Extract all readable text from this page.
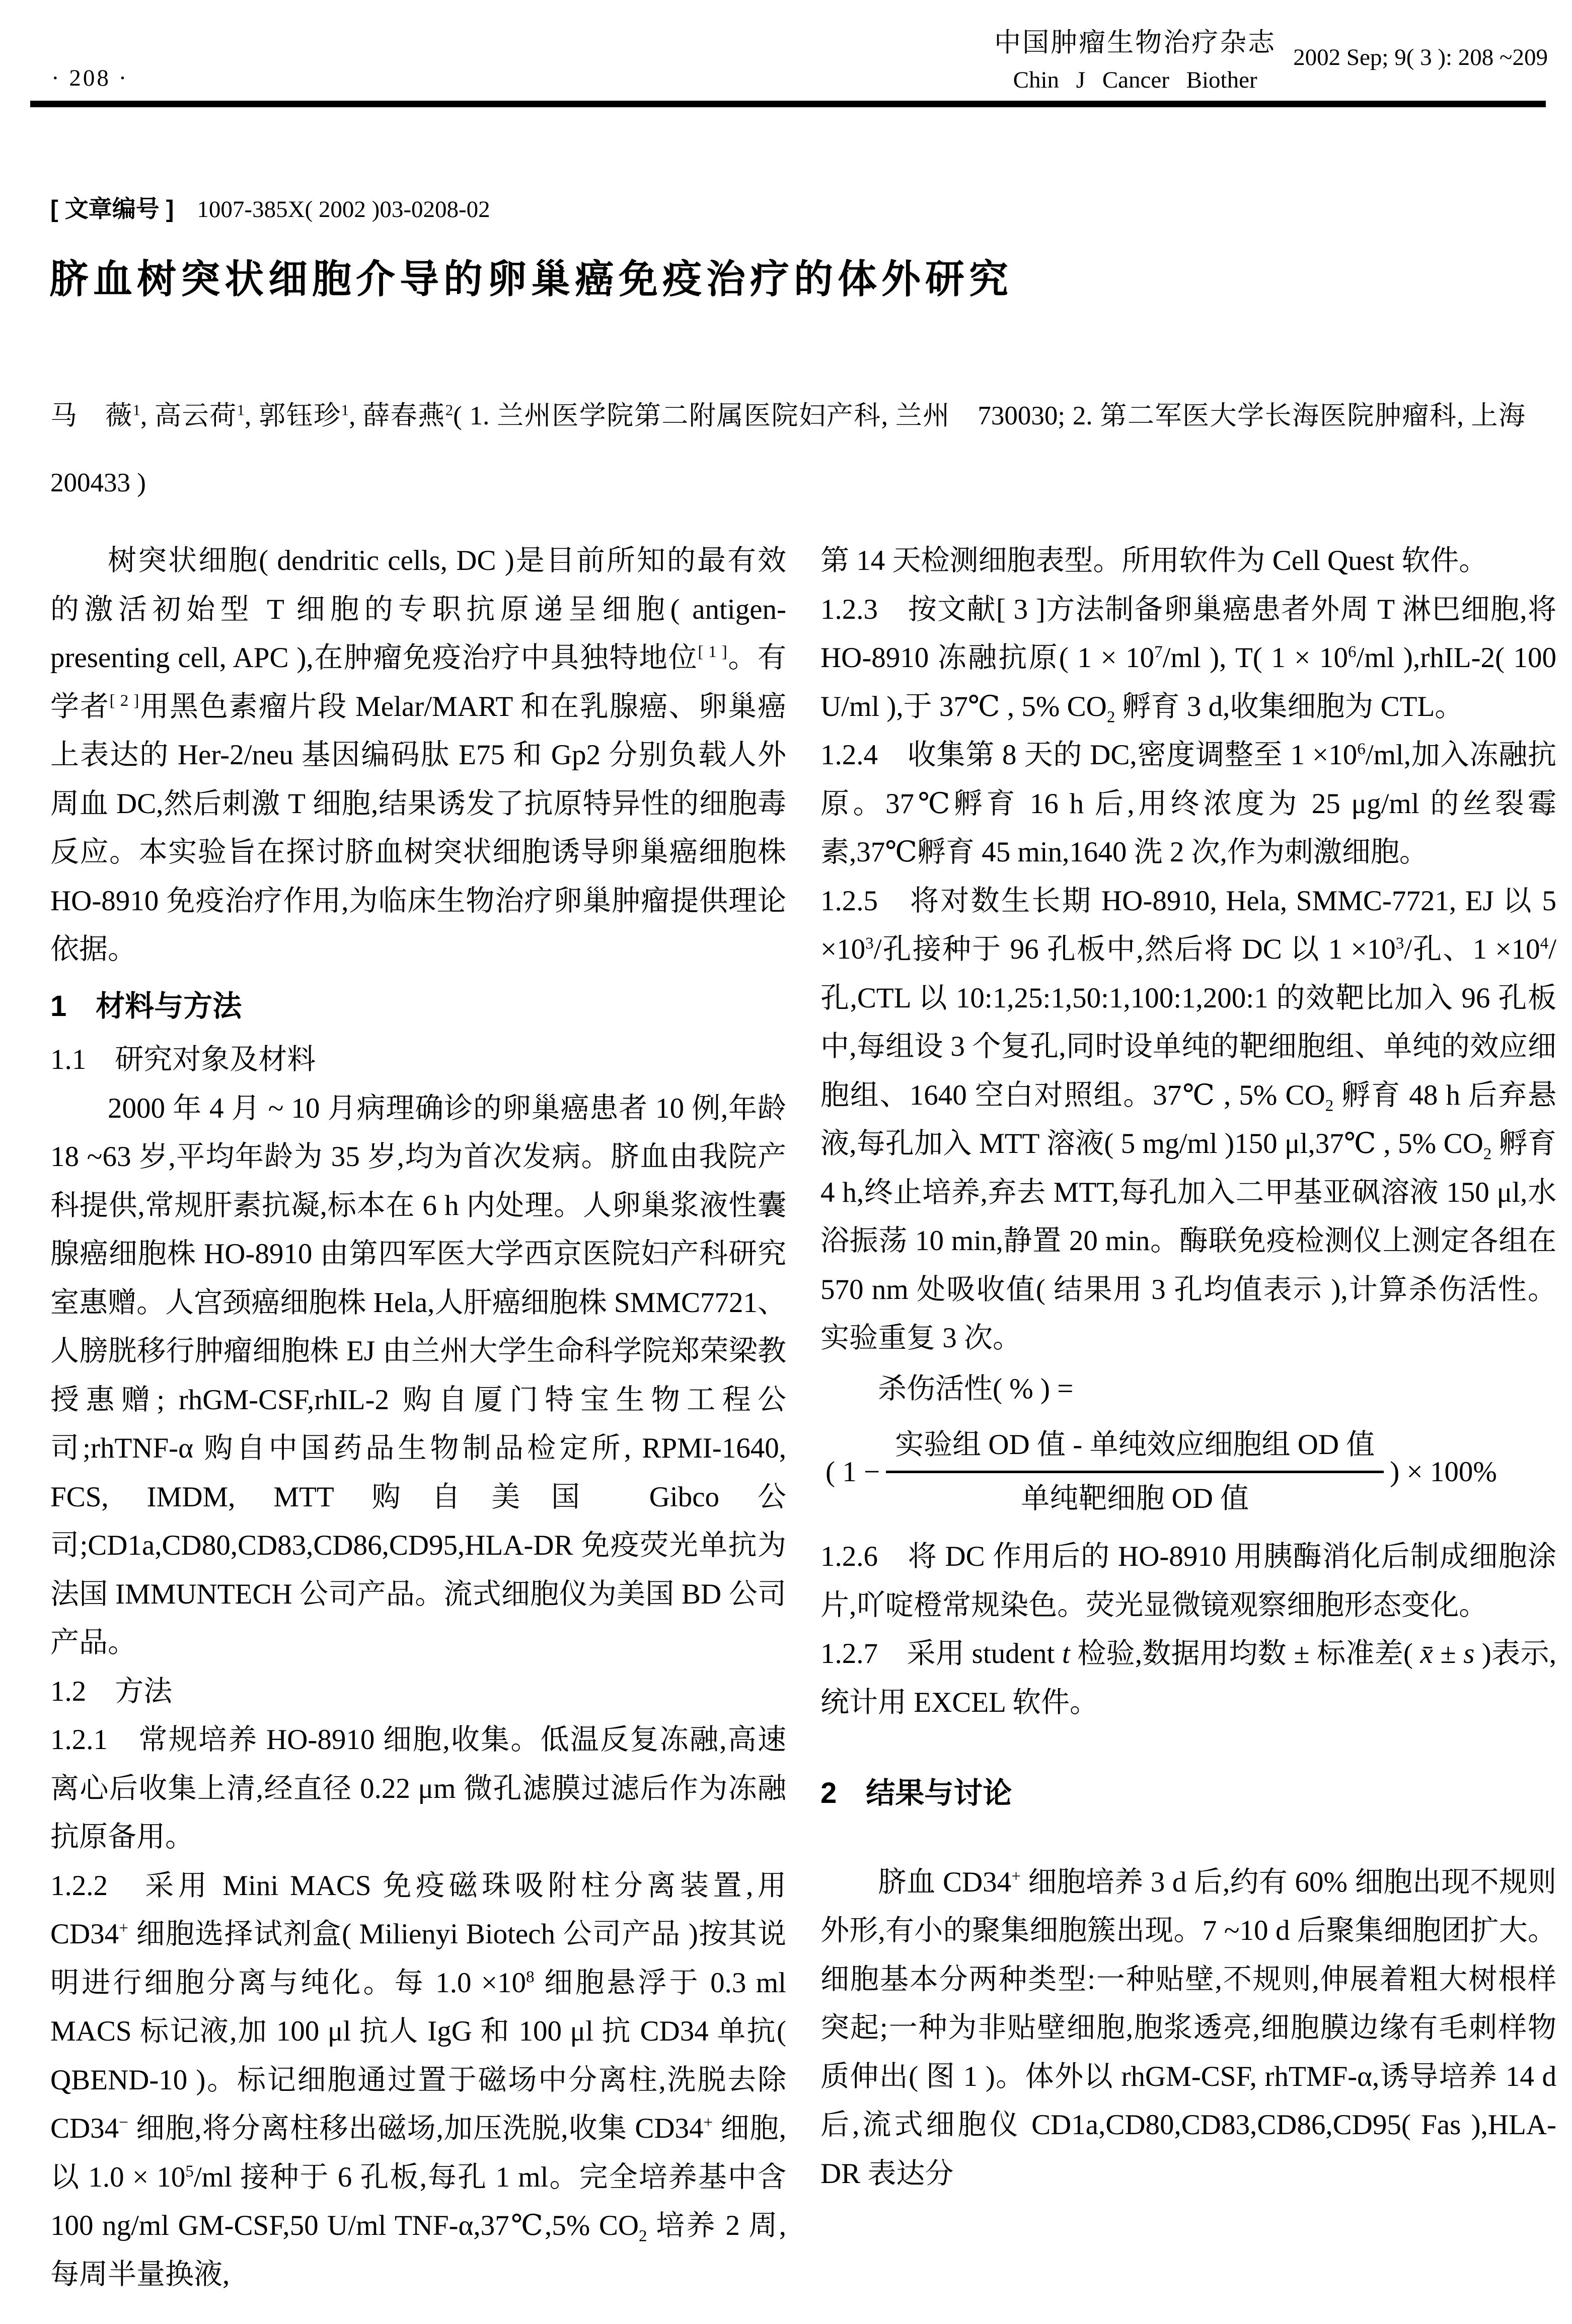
· 208 ·
中国肿瘤生物治疗杂志
Chin J Cancer Biother
2002 Sep; 9( 3 ): 208 ~209
[ 文章编号 ] 1007-385X( 2002 )03-0208-02
脐血树突状细胞介导的卵巢癌免疫治疗的体外研究

马　薇$^1$, 高云荷$^1$, 郭钰珍$^1$, 薛春燕$^2$( 1. 兰州医学院第二附属医院妇产科, 兰州　730030; 2. 第二军医大学长海医院肿瘤科, 上海　200433 )

树突状细胞( dendritic cells, DC )是目前所知的最有效的激活初始型 T 细胞的专职抗原递呈细胞( antigen-presenting cell, APC ),在肿瘤免疫治疗中具独特地位[ 1 ]。有学者[ 2 ]用黑色素瘤片段 Melar/MART 和在乳腺癌、卵巢癌上表达的 Her-2/neu 基因编码肽 E75 和 Gp2 分别负载人外周血 DC,然后刺激 T 细胞,结果诱发了抗原特异性的细胞毒反应。本实验旨在探讨脐血树突状细胞诱导卵巢癌细胞株 HO-8910 免疫治疗作用,为临床生物治疗卵巢肿瘤提供理论依据。

1　材料与方法
1.1　研究对象及材料

2000 年 4 月 ~ 10 月病理确诊的卵巢癌患者 10 例,年龄 18 ~63 岁,平均年龄为 35 岁,均为首次发病。脐血由我院产科提供,常规肝素抗凝,标本在 6 h 内处理。人卵巢浆液性囊腺癌细胞株 HO-8910 由第四军医大学西京医院妇产科研究室惠赠。人宫颈癌细胞株 Hela,人肝癌细胞株 SMMC7721、人膀胱移行肿瘤细胞株 EJ 由兰州大学生命科学院郑荣梁教授惠赠; rhGM-CSF,rhIL-2 购自厦门特宝生物工程公司;rhTNF-α 购自中国药品生物制品检定所, RPMI-1640, FCS, IMDM, MTT 购自美国 Gibco 公司;CD1a,CD80,CD83,CD86,CD95,HLA-DR 免疫荧光单抗为法国 IMMUNTECH 公司产品。流式细胞仪为美国 BD 公司产品。

1.2　方法

1.2.1　常规培养 HO-8910 细胞,收集。低温反复冻融,高速离心后收集上清,经直径 0.22 μm 微孔滤膜过滤后作为冻融抗原备用。

1.2.2　采用 Mini MACS 免疫磁珠吸附柱分离装置,用 CD34+ 细胞选择试剂盒( Milienyi Biotech 公司产品 )按其说明进行细胞分离与纯化。每 $1.0 \times 10^8$ 细胞悬浮于 0.3 ml MACS 标记液,加 100 μl 抗人 IgG 和 100 μl 抗 CD34 单抗( QBEND-10 )。标记细胞通过置于磁场中分离柱,洗脱去除 CD34− 细胞,将分离柱移出磁场,加压洗脱,收集 CD34+ 细胞,以 $1.0 \times 10^5/ml$ 接种于 6 孔板,每孔 1 ml。完全培养基中含 100 ng/ml GM-CSF,50 U/ml TNF-α,37℃,5% $CO_2$ 培养 2 周,每周半量换液,

第 14 天检测细胞表型。所用软件为 Cell Quest 软件。

1.2.3　按文献[ 3 ]方法制备卵巢癌患者外周 T 淋巴细胞,将 HO-8910 冻融抗原( $1 \times 10^7/ml$ ), T( $1 \times 10^6/ml$ ),rhIL-2( 100 U/ml ),于 37℃ , 5% $CO_2$ 孵育 3 d,收集细胞为 CTL。

1.2.4　收集第 8 天的 DC,密度调整至 $1 \times 10^6/ml$,加入冻融抗原。37℃孵育 16 h 后,用终浓度为 25 μg/ml 的丝裂霉素,37℃孵育 45 min,1640 洗 2 次,作为刺激细胞。

1.2.5　将对数生长期 HO-8910, Hela, SMMC-7721, EJ 以 $5 \times 10^3/$孔接种于 96 孔板中,然后将 DC 以 $1 \times 10^3/$孔、$1 \times 10^4/$孔,CTL 以 10:1,25:1,50:1,100:1,200:1 的效靶比加入 96 孔板中,每组设 3 个复孔,同时设单纯的靶细胞组、单纯的效应细胞组、1640 空白对照组。37℃ , 5% $CO_2$ 孵育 48 h 后弃悬液,每孔加入 MTT 溶液( 5 mg/ml )150 μl,37℃ , 5% $CO_2$ 孵育 4 h,终止培养,弃去 MTT,每孔加入二甲基亚砜溶液 150 μl,水浴振荡 10 min,静置 20 min。酶联免疫检测仪上测定各组在 570 nm 处吸收值( 结果用 3 孔均值表示 ),计算杀伤活性。实验重复 3 次。

杀伤活性( % ) =

( $1 - \frac{\text{实验组 OD 值 - 单纯效应细胞组 OD 值}}{\text{单纯靶细胞 OD 值}}$ ) × 100%

1.2.6　将 DC 作用后的 HO-8910 用胰酶消化后制成细胞涂片,吖啶橙常规染色。荧光显微镜观察细胞形态变化。

1.2.7　采用 student t 检验,数据用均数 ± 标准差( x̄ ± s )表示,统计用 EXCEL 软件。

2　结果与讨论

脐血 CD34+ 细胞培养 3 d 后,约有 60% 细胞出现不规则外形,有小的聚集细胞簇出现。7 ~10 d 后聚集细胞团扩大。细胞基本分两种类型:一种贴壁,不规则,伸展着粗大树根样突起;一种为非贴壁细胞,胞浆透亮,细胞膜边缘有毛刺样物质伸出( 图 1 )。体外以 rhGM-CSF, rhTMF-α,诱导培养 14 d 后,流式细胞仪 CD1a,CD80,CD83,CD86,CD95( Fas ),HLA-DR 表达分
